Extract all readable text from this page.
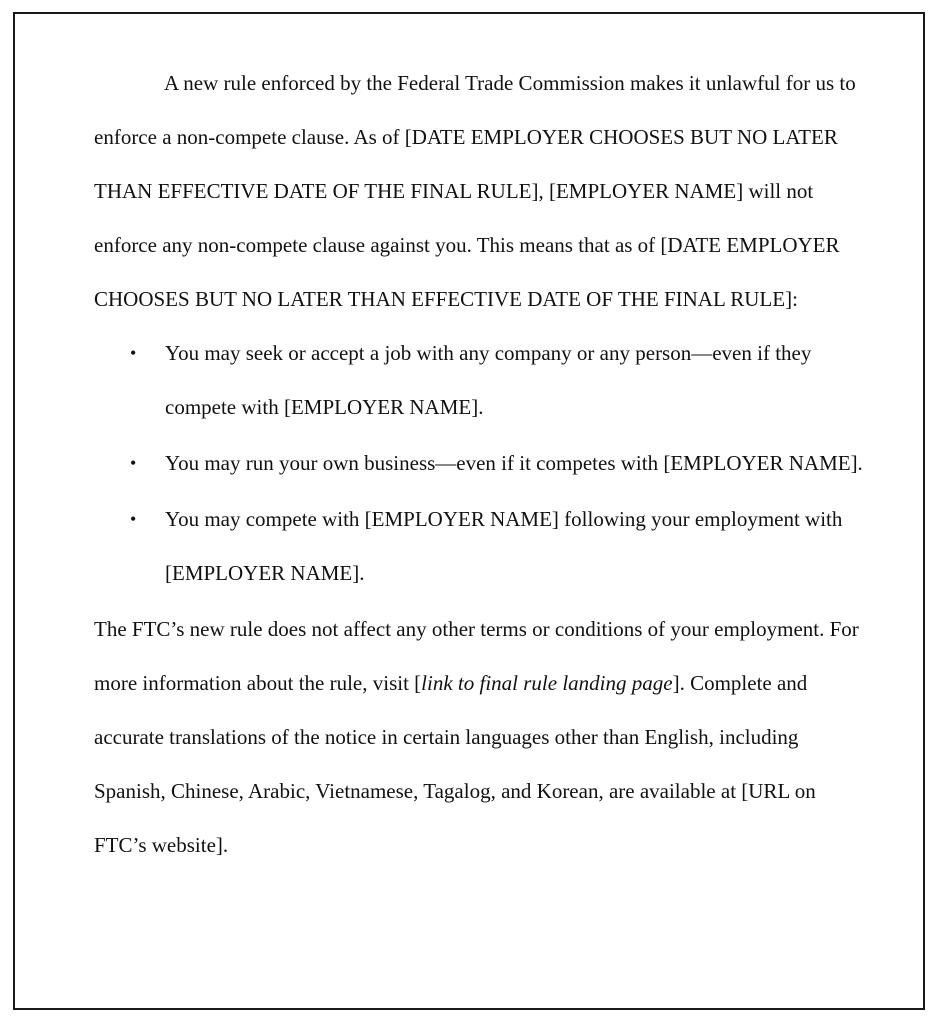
A new rule enforced by the Federal Trade Commission makes it unlawful for us to enforce a non-compete clause. As of [DATE EMPLOYER CHOOSES BUT NO LATER THAN EFFECTIVE DATE OF THE FINAL RULE], [EMPLOYER NAME] will not enforce any non-compete clause against you. This means that as of [DATE EMPLOYER CHOOSES BUT NO LATER THAN EFFECTIVE DATE OF THE FINAL RULE]:

• You may seek or accept a job with any company or any person—even if they compete with [EMPLOYER NAME].
• You may run your own business—even if it competes with [EMPLOYER NAME].
• You may compete with [EMPLOYER NAME] following your employment with [EMPLOYER NAME].

The FTC’s new rule does not affect any other terms or conditions of your employment. For more information about the rule, visit [link to final rule landing page]. Complete and accurate translations of the notice in certain languages other than English, including Spanish, Chinese, Arabic, Vietnamese, Tagalog, and Korean, are available at [URL on FTC’s website].
